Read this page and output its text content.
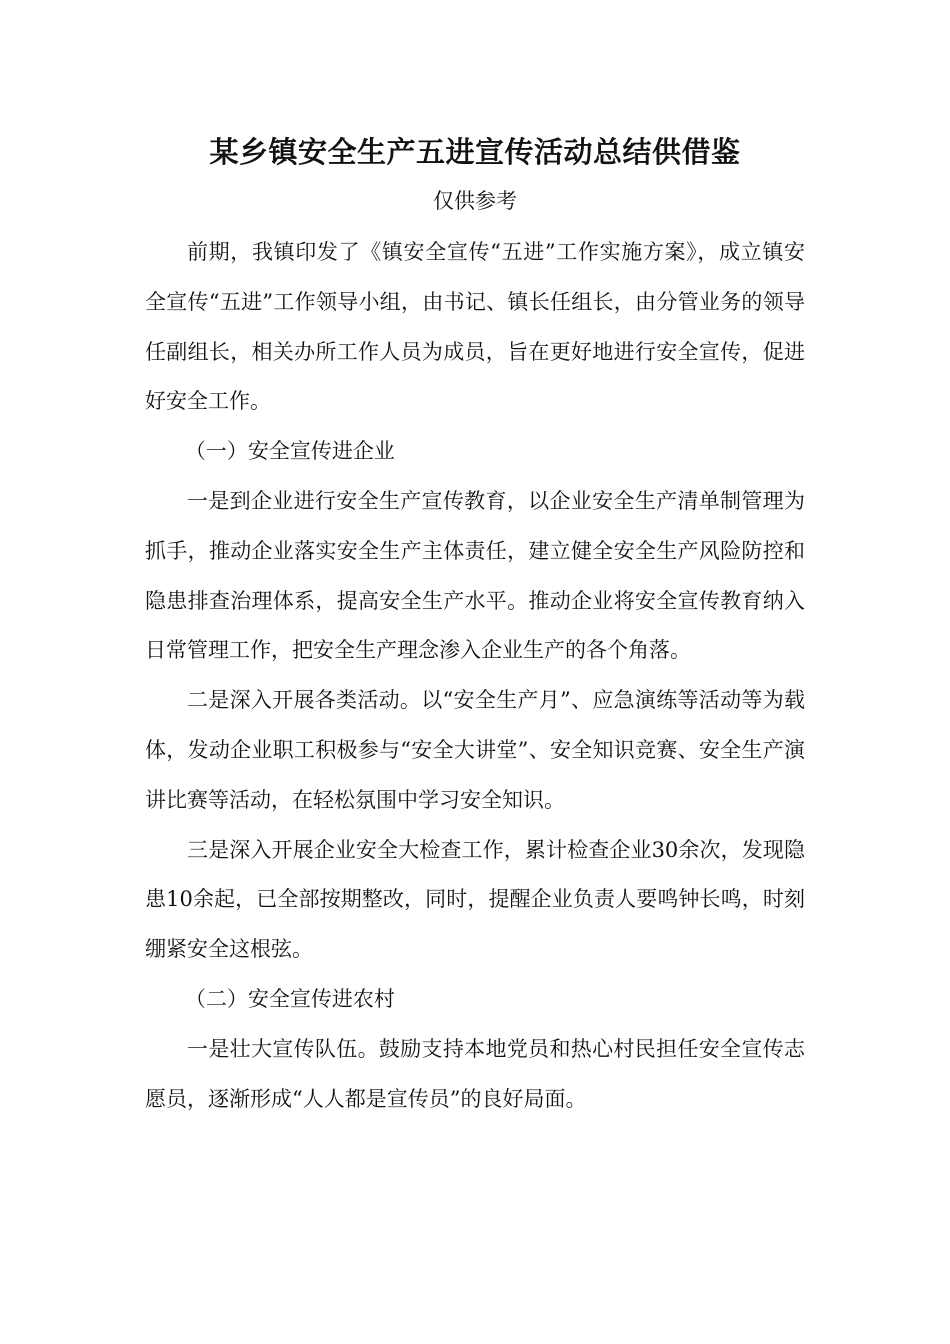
某乡镇安全生产五进宣传活动总结供借鉴
仅供参考

前期，我镇印发了《镇安全宣传“五进”工作实施方案》，成立镇安全宣传“五进”工作领导小组，由书记、镇长任组长，由分管业务的领导任副组长，相关办所工作人员为成员，旨在更好地进行安全宣传，促进好安全工作。

（一）安全宣传进企业

一是到企业进行安全生产宣传教育，以企业安全生产清单制管理为抓手，推动企业落实安全生产主体责任，建立健全安全生产风险防控和隐患排查治理体系，提高安全生产水平。推动企业将安全宣传教育纳入日常管理工作，把安全生产理念渗入企业生产的各个角落。

二是深入开展各类活动。以“安全生产月”、应急演练等活动等为载体，发动企业职工积极参与“安全大讲堂”、安全知识竞赛、安全生产演讲比赛等活动，在轻松氛围中学习安全知识。

三是深入开展企业安全大检查工作，累计检查企业30余次，发现隐患10余起，已全部按期整改，同时，提醒企业负责人要鸣钟长鸣，时刻绷紧安全这根弦。

（二）安全宣传进农村

一是壮大宣传队伍。鼓励支持本地党员和热心村民担任安全宣传志愿员，逐渐形成“人人都是宣传员”的良好局面。
